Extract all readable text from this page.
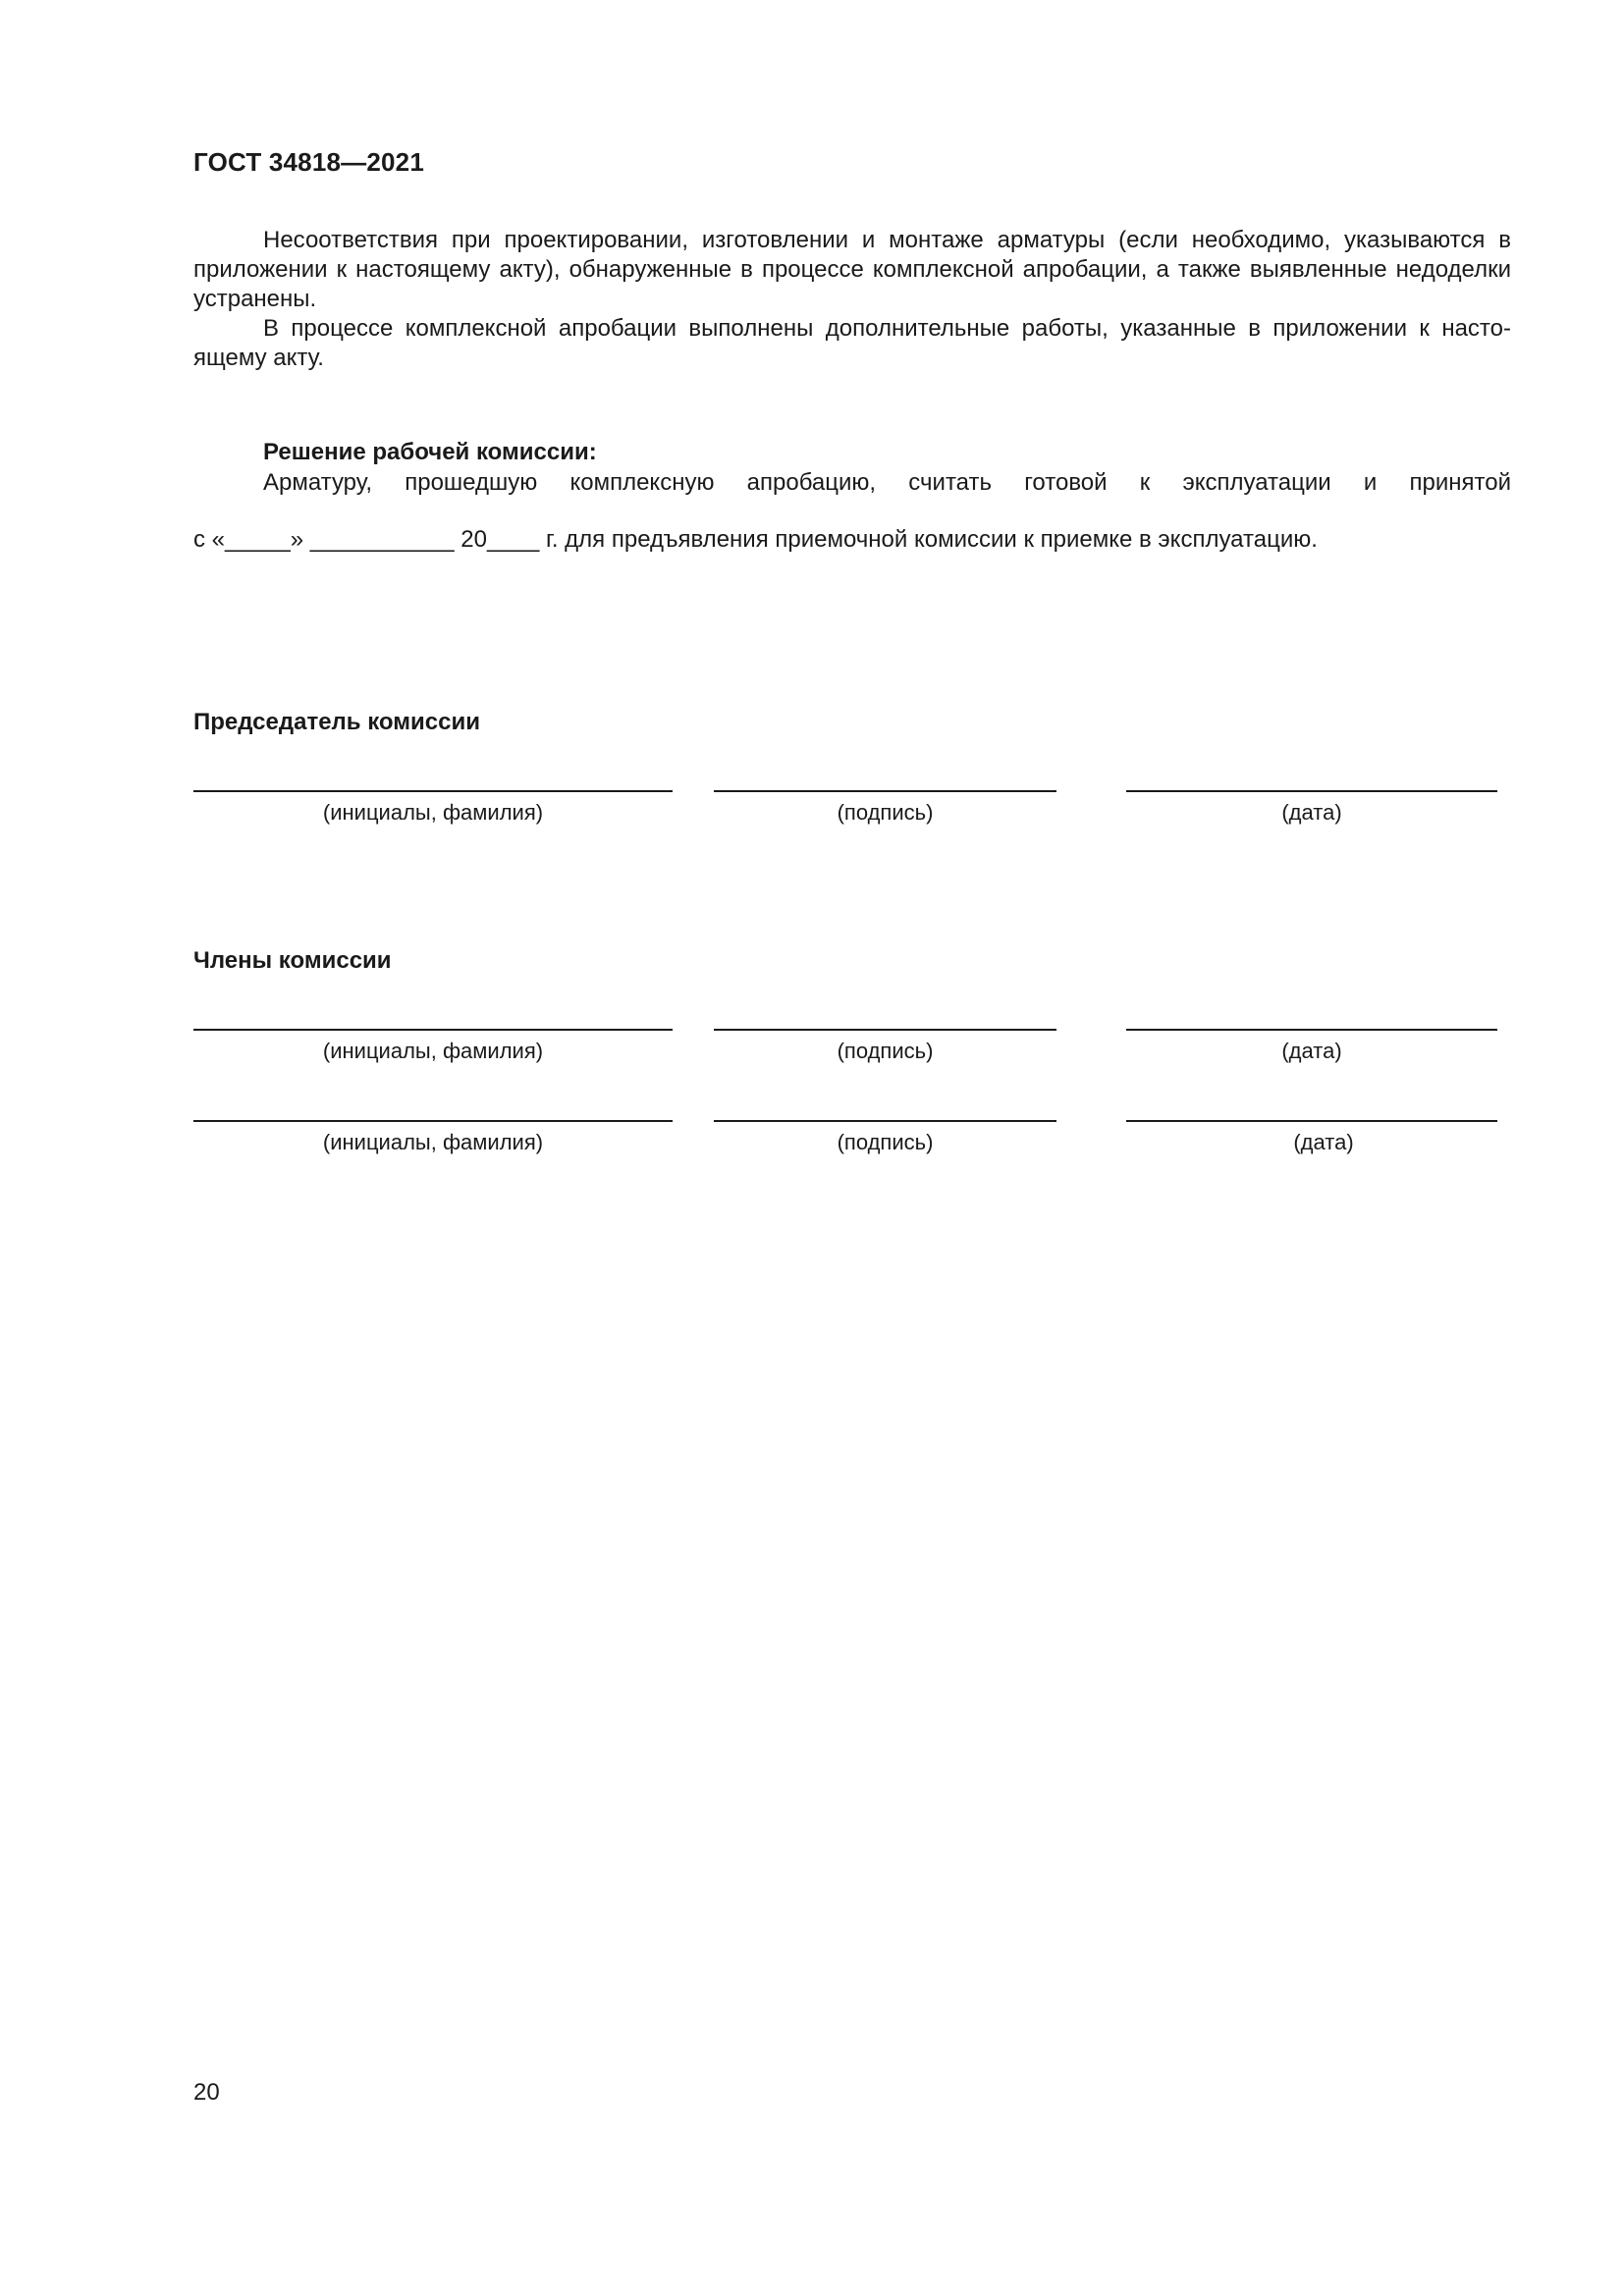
ГОСТ 34818—2021

Несоответствия при проектировании, изготовлении и монтаже арматуры (если необходимо, указываются в приложении к настоящему акту), обнаруженные в процессе комплексной апробации, а также выявленные недоделки устранены.

В процессе комплексной апробации выполнены дополнительные работы, указанные в приложении к настоящему акту.

Решение рабочей комиссии:
Арматуру, прошедшую комплексную апробацию, считать готовой к эксплуатации и принятой
с «_____» ___________ 20____ г. для предъявления приемочной комиссии к приемке в эксплуатацию.
Председатель комиссии
(инициалы, фамилия)	(подпись)	(дата)
Члены комиссии
(инициалы, фамилия)	(подпись)	(дата)
(инициалы, фамилия)	(подпись)	(дата)
20
